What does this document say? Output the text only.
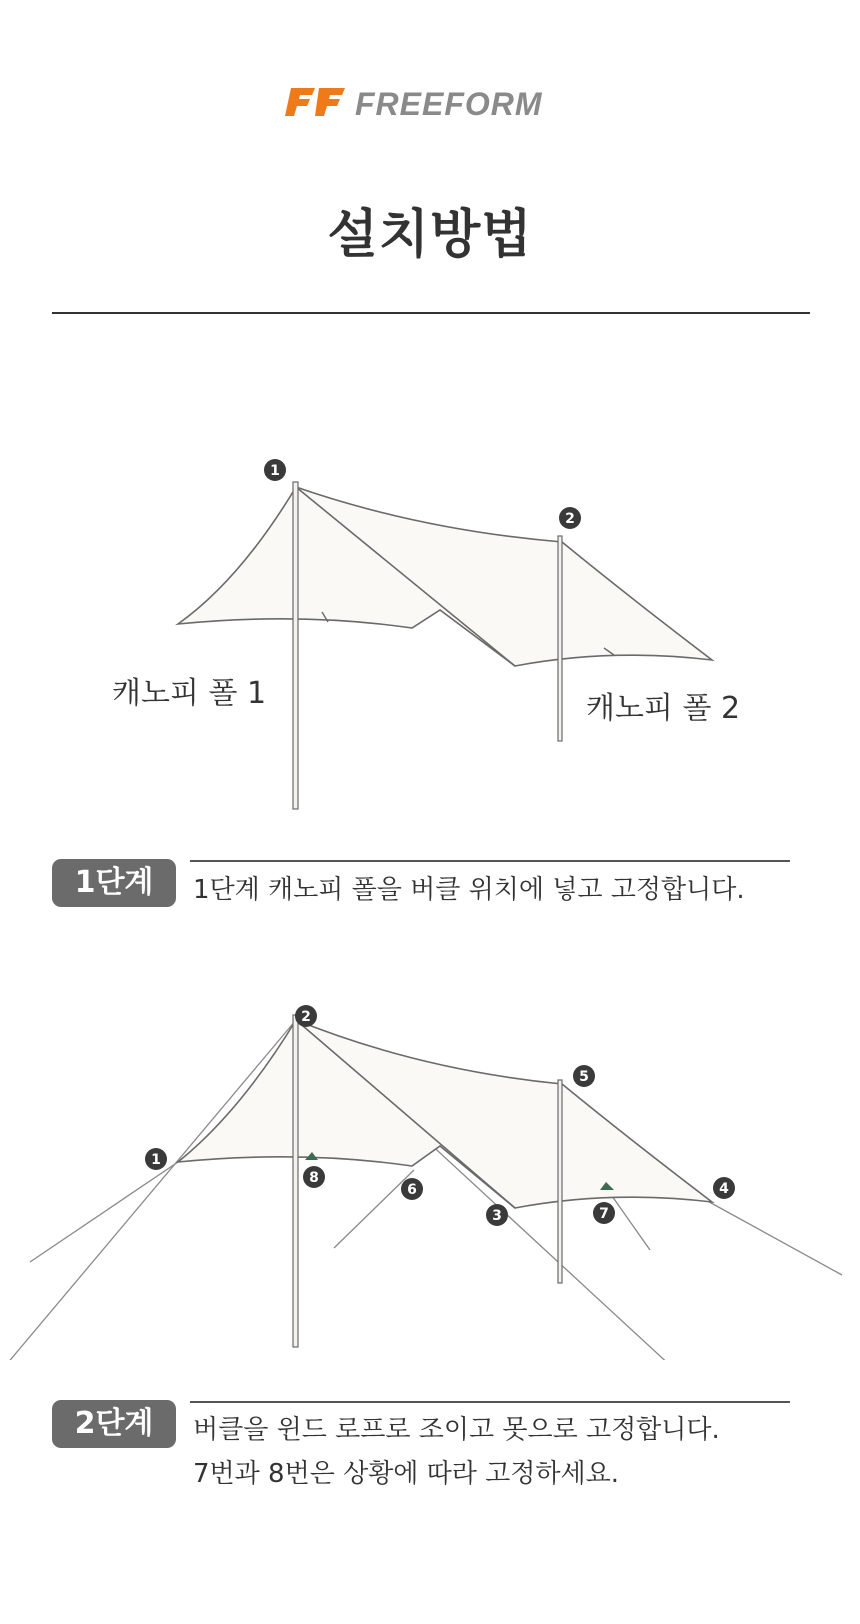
FREEFORM
설치방법
1
2
캐노피 폴 1	캐노피 폴 2
1단계	1단계 캐노피 폴을 버클 위치에 넣고 고정합니다.
1
2
3
4
5
6
7
8
2단계	버클을 윈드 로프로 조이고 못으로 고정합니다.
7번과 8번은 상황에 따라 고정하세요.
